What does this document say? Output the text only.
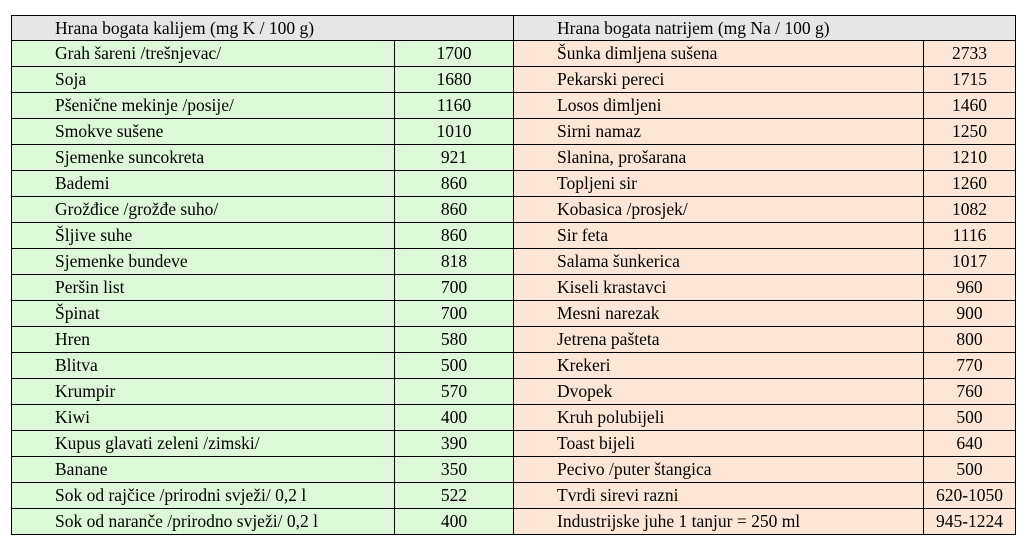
Hrana bogata kalijem (mg K / 100 g)		Hrana bogata natrijem (mg Na / 100 g)	
Grah šareni /trešnjevac/	1700	Šunka dimljena sušena	2733
Soja	1680	Pekarski pereci	1715
Pšenične mekinje /posije/	1160	Losos dimljeni	1460
Smokve sušene	1010	Sirni namaz	1250
Sjemenke suncokreta	921	Slanina, prošarana	1210
Bademi	860	Topljeni sir	1260
Grožđice /grožđe suho/	860	Kobasica /prosjek/	1082
Šljive suhe	860	Sir feta	1116
Sjemenke bundeve	818	Salama šunkerica	1017
Peršin list	700	Kiseli krastavci	960
Špinat	700	Mesni narezak	900
Hren	580	Jetrena pašteta	800
Blitva	500	Krekeri	770
Krumpir	570	Dvopek	760
Kiwi	400	Kruh polubijeli	500
Kupus glavati zeleni /zimski/	390	Toast bijeli	640
Banane	350	Pecivo /puter štangica	500
Sok od rajčice /prirodni svježi/ 0,2 l	522	Tvrdi sirevi razni	620-1050
Sok od naranče /prirodno svježi/ 0,2 l	400	Industrijske juhe 1 tanjur = 250 ml	945-1224
